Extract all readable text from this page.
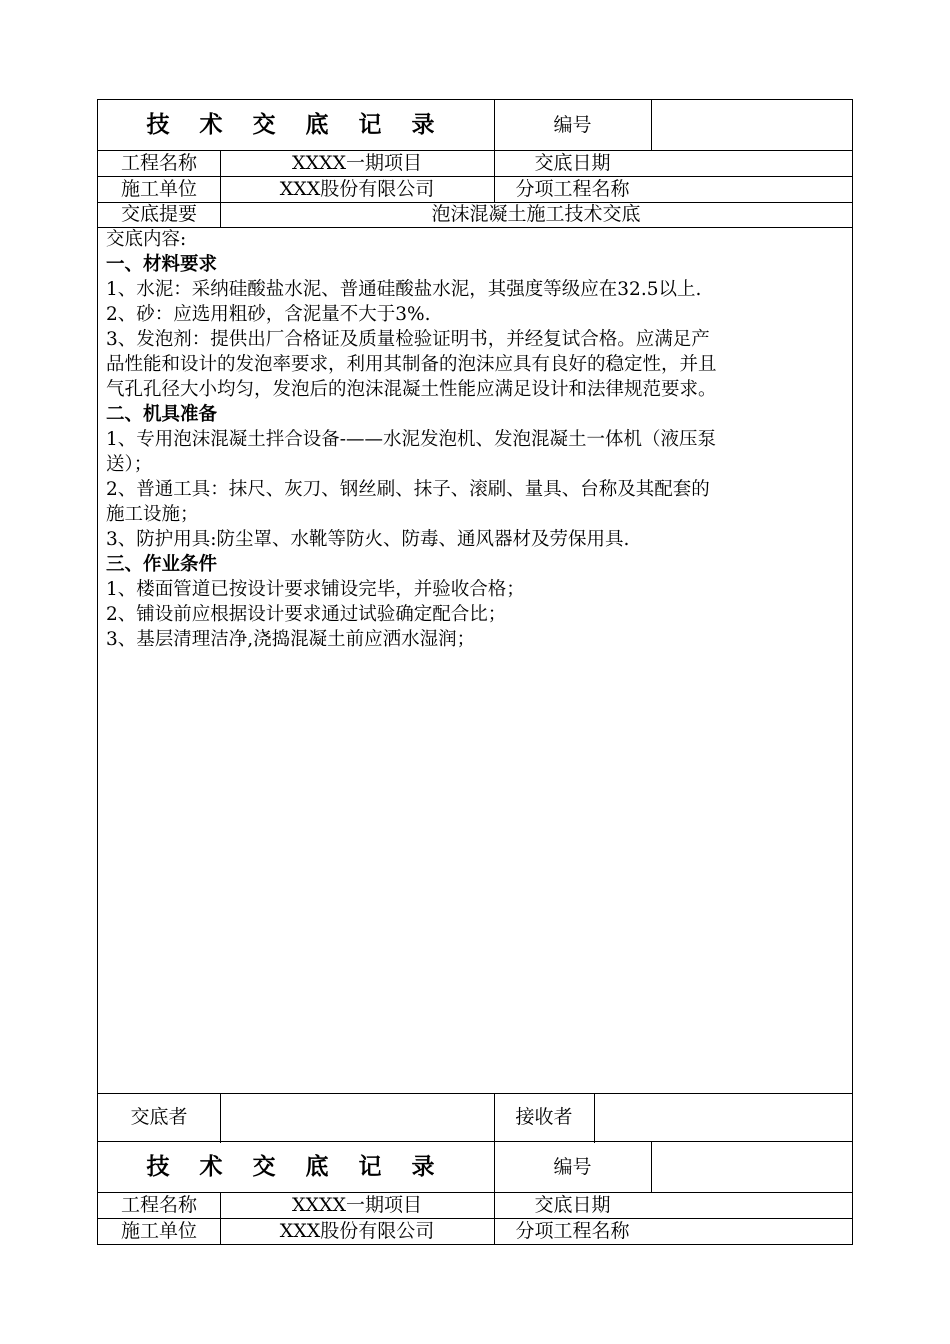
技 术 交 底 记 录	编号
工程名称	XXXX一期项目	交底日期
施工单位	XXX股份有限公司	分项工程名称
交底提要	泡沫混凝土施工技术交底
交底内容:
一、材料要求
1、水泥：采纳硅酸盐水泥、普通硅酸盐水泥，其强度等级应在32.5以上.
2、砂：应选用粗砂，含泥量不大于3%.
3、发泡剂：提供出厂合格证及质量检验证明书，并经复试合格。应满足产
品性能和设计的发泡率要求，利用其制备的泡沫应具有良好的稳定性，并且
气孔孔径大小均匀，发泡后的泡沫混凝土性能应满足设计和法律规范要求。
二、机具准备
1、专用泡沫混凝土拌合设备-——水泥发泡机、发泡混凝土一体机（液压泵
送）；
2、普通工具：抹尺、灰刀、钢丝刷、抹子、滚刷、量具、台称及其配套的
施工设施；
3、防护用具:防尘罩、水靴等防火、防毒、通风器材及劳保用具.
三、作业条件
1、楼面管道已按设计要求铺设完毕，并验收合格；
2、铺设前应根据设计要求通过试验确定配合比；
3、基层清理洁净,浇捣混凝土前应洒水湿润；
交底者	接收者
技 术 交 底 记 录	编号
工程名称	XXXX一期项目	交底日期
施工单位	XXX股份有限公司	分项工程名称
